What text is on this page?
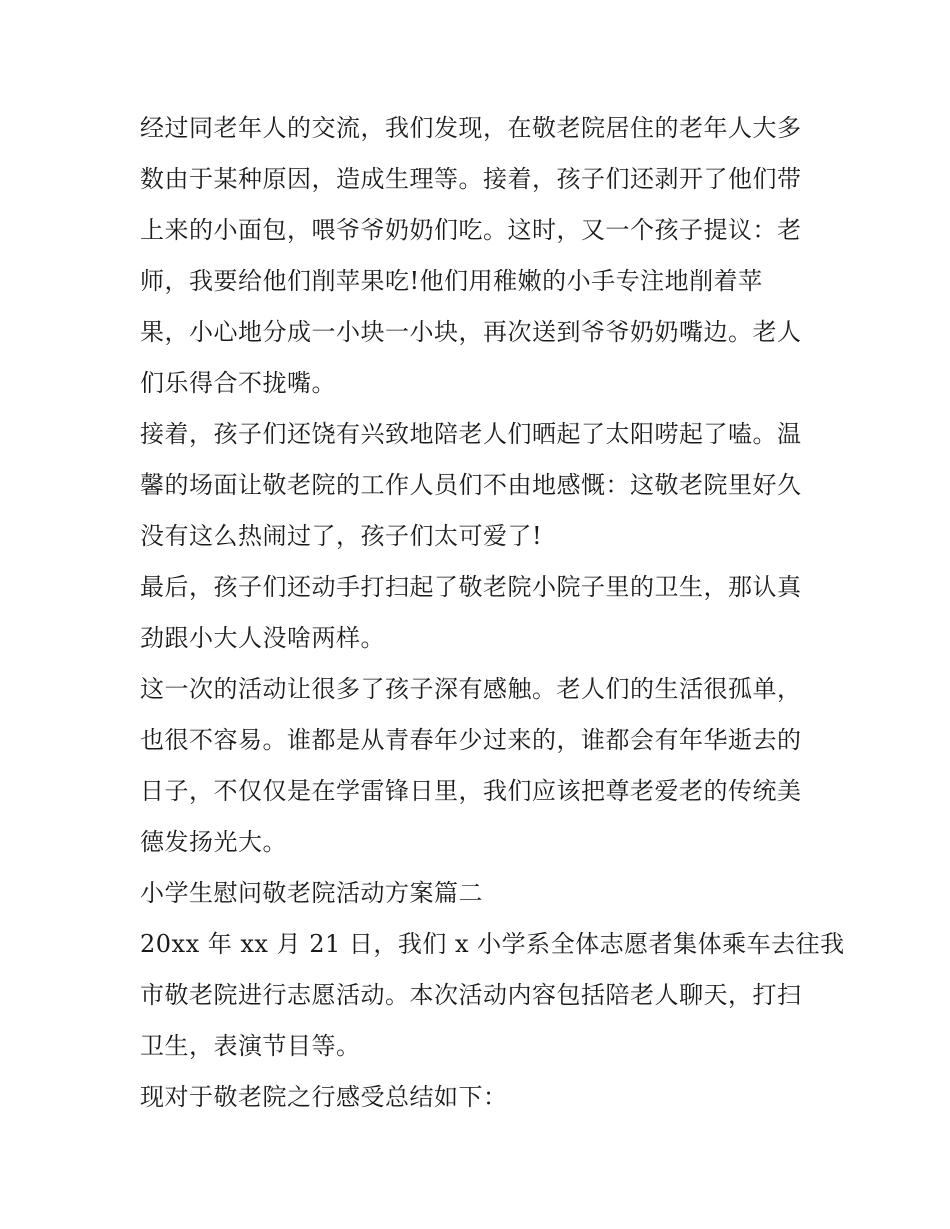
经过同老年人的交流，我们发现，在敬老院居住的老年人大多
数由于某种原因，造成生理等。接着，孩子们还剥开了他们带
上来的小面包，喂爷爷奶奶们吃。这时，又一个孩子提议：老
师，我要给他们削苹果吃!他们用稚嫩的小手专注地削着苹
果，小心地分成一小块一小块，再次送到爷爷奶奶嘴边。老人
们乐得合不拢嘴。
接着，孩子们还饶有兴致地陪老人们晒起了太阳唠起了嗑。温
馨的场面让敬老院的工作人员们不由地感慨：这敬老院里好久
没有这么热闹过了，孩子们太可爱了!
最后，孩子们还动手打扫起了敬老院小院子里的卫生，那认真
劲跟小大人没啥两样。
这一次的活动让很多了孩子深有感触。老人们的生活很孤单，
也很不容易。谁都是从青春年少过来的，谁都会有年华逝去的
日子，不仅仅是在学雷锋日里，我们应该把尊老爱老的传统美
德发扬光大。
小学生慰问敬老院活动方案篇二
20xx 年 xx 月 21 日，我们 x 小学系全体志愿者集体乘车去往我
市敬老院进行志愿活动。本次活动内容包括陪老人聊天，打扫
卫生，表演节目等。
现对于敬老院之行感受总结如下：
